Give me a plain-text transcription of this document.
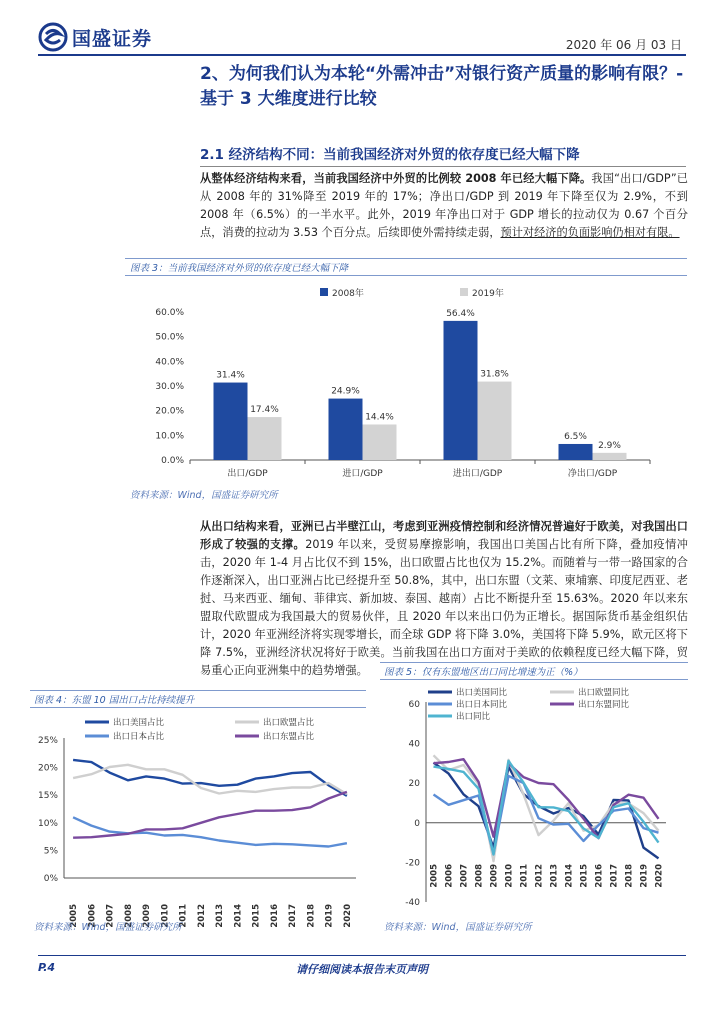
国盛证券	2020 年 06 月 03 日
2、为何我们认为本轮“外需冲击”对银行资产质量的影响有限？-基于 3 大维度进行比较
2.1 经济结构不同：当前我国经济对外贸的依存度已经大幅下降
从整体经济结构来看，当前我国经济中外贸的比例较 2008 年已经大幅下降。我国“出口/GDP”已从 2008 年的 31%降至 2019 年的 17%；净出口/GDP 到 2019 年下降至仅为 2.9%，不到 2008 年（6.5%）的一半水平。此外，2019 年净出口对于 GDP 增长的拉动仅为 0.67 个百分点，消费的拉动为 3.53 个百分点。后续即使外需持续走弱，预计对经济的负面影响仍相对有限。
图表 3：当前我国经济对外贸的依存度已经大幅下降
2008年	2019年
0.0%
10.0%
20.0%
30.0%
40.0%
50.0%
60.0%
出口/GDP
31.4%
17.4%
进口/GDP
24.9%
14.4%
进出口/GDP
56.4%
31.8%
净出口/GDP
6.5%
2.9%
资料来源：Wind，国盛证券研究所
从出口结构来看，亚洲已占半壁江山，考虑到亚洲疫情控制和经济情况普遍好于欧美，对我国出口形成了较强的支撑。2019 年以来，受贸易摩擦影响，我国出口美国占比有所下降，叠加疫情冲击，2020 年 1-4 月占比仅不到 15%，出口欧盟占比也仅为 15.2%。而随着与一带一路国家的合作逐渐深入，出口亚洲占比已经提升至 50.8%，其中，出口东盟（文莱、柬埔寨、印度尼西亚、老挝、马来西亚、缅甸、菲律宾、新加坡、泰国、越南）占比不断提升至 15.63%。2020 年以来东盟取代欧盟成为我国最大的贸易伙伴，且 2020 年以来出口仍为正增长。据国际货币基金组织估计，2020 年亚洲经济将实现零增长，而全球 GDP 将下降 3.0%，美国将下降 5.9%，欧元区将下降 7.5%，亚洲经济状况将好于欧美。当前我国在出口方面对于美欧的依赖程度已经大幅下降，贸易重心正向亚洲集中的趋势增强。
图表 4：东盟 10 国出口占比持续提升
出口美国占比	出口欧盟占比
出口日本占比	出口东盟占比
0%
5%
10%
15%
20%
25%
2005 2006 2007 2008 2009 2010 2011 2012 2013 2014 2015 2016 2017 2018 2019 2020
资料来源：Wind，国盛证券研究所
图表 5：仅有东盟地区出口同比增速为正（%）
出口美国同比	出口欧盟同比
出口日本同比	出口东盟同比
出口同比
-40
-20
0
20
40
60
2005 2006 2007 2008 2009 2010 2011 2012 2013 2014 2015 2016 2017 2018 2019 2020
资料来源：Wind，国盛证券研究所
请仔细阅读本报告末页声明
P.4
